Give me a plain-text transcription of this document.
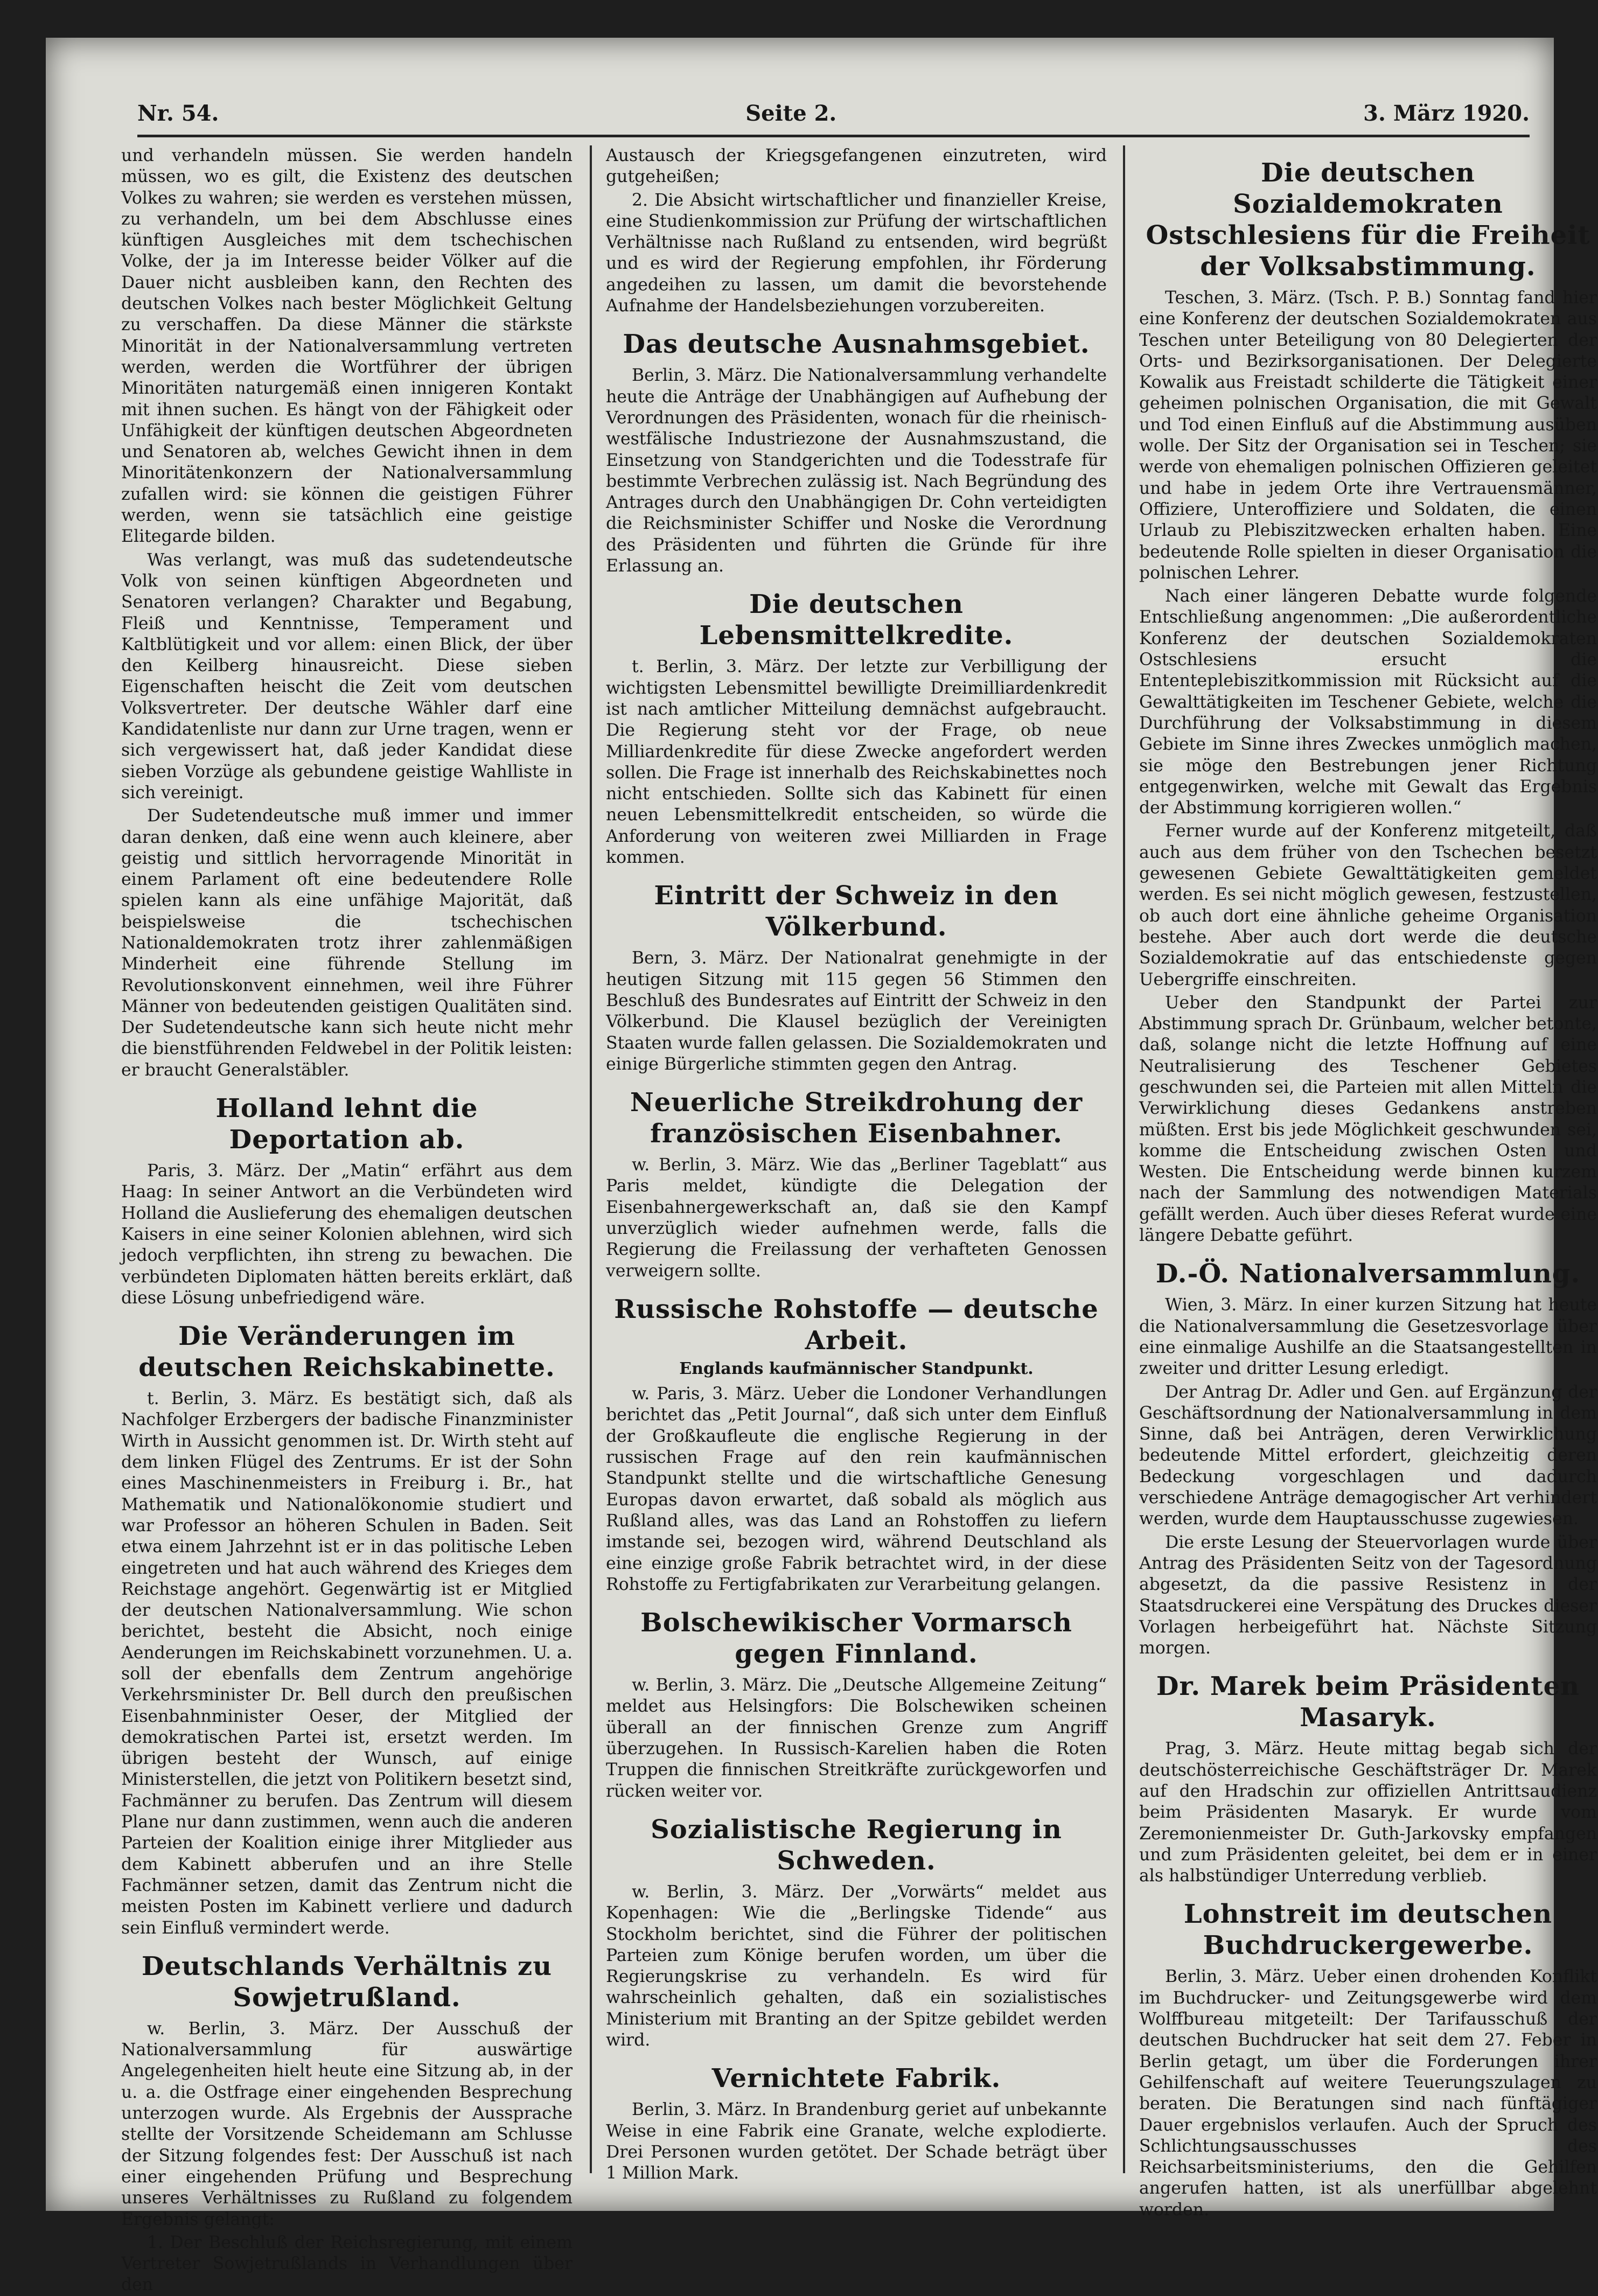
Nr. 54.	Seite 2.	3. März 1920.

und verhandeln müssen. Sie werden handeln müssen, wo es gilt, die Existenz des deutschen Volkes zu wahren; sie werden es verstehen müssen, zu verhandeln, um bei dem Abschlusse eines künftigen Ausgleiches mit dem tschechischen Volke, der ja im Interesse beider Völker auf die Dauer nicht ausbleiben kann, den Rechten des deutschen Volkes nach bester Möglichkeit Geltung zu verschaffen. Da diese Männer die stärkste Minorität in der Nationalversammlung vertreten werden, werden die Wortführer der übrigen Minoritäten naturgemäß einen innigeren Kontakt mit ihnen suchen. Es hängt von der Fähigkeit oder Unfähigkeit der künftigen deutschen Abgeordneten und Senatoren ab, welches Gewicht ihnen in dem Minoritätenkonzern der Nationalversammlung zufallen wird: sie können die geistigen Führer werden, wenn sie tatsächlich eine geistige Elitegarde bilden.

Was verlangt, was muß das sudetendeutsche Volk von seinen künftigen Abgeordneten und Senatoren verlangen? Charakter und Begabung, Fleiß und Kenntnisse, Temperament und Kaltblütigkeit und vor allem: einen Blick, der über den Keilberg hinausreicht. Diese sieben Eigenschaften heischt die Zeit vom deutschen Volksvertreter. Der deutsche Wähler darf eine Kandidatenliste nur dann zur Urne tragen, wenn er sich vergewissert hat, daß jeder Kandidat diese sieben Vorzüge als gebundene geistige Wahlliste in sich vereinigt.

Der Sudetendeutsche muß immer und immer daran denken, daß eine wenn auch kleinere, aber geistig und sittlich hervorragende Minorität in einem Parlament oft eine bedeutendere Rolle spielen kann als eine unfähige Majorität, daß beispielsweise die tschechischen Nationaldemokraten trotz ihrer zahlenmäßigen Minderheit eine führende Stellung im Revolutionskonvent einnehmen, weil ihre Führer Männer von bedeutenden geistigen Qualitäten sind. Der Sudetendeutsche kann sich heute nicht mehr die bienstführenden Feldwebel in der Politik leisten: er braucht Generalstäbler.

Holland lehnt die Deportation ab.

Paris, 3. März. Der „Matin“ erfährt aus dem Haag: In seiner Antwort an die Verbündeten wird Holland die Auslieferung des ehemaligen deutschen Kaisers in eine seiner Kolonien ablehnen, wird sich jedoch verpflichten, ihn streng zu bewachen. Die verbündeten Diplomaten hätten bereits erklärt, daß diese Lösung unbefriedigend wäre.

Die Veränderungen im deutschen Reichskabinette.

t. Berlin, 3. März. Es bestätigt sich, daß als Nachfolger Erzbergers der badische Finanzminister Wirth in Aussicht genommen ist. Dr. Wirth steht auf dem linken Flügel des Zentrums. Er ist der Sohn eines Maschinenmeisters in Freiburg i. Br., hat Mathematik und Nationalökonomie studiert und war Professor an höheren Schulen in Baden. Seit etwa einem Jahrzehnt ist er in das politische Leben eingetreten und hat auch während des Krieges dem Reichstage angehört. Gegenwärtig ist er Mitglied der deutschen Nationalversammlung. Wie schon berichtet, besteht die Absicht, noch einige Aenderungen im Reichskabinett vorzunehmen. U. a. soll der ebenfalls dem Zentrum angehörige Verkehrsminister Dr. Bell durch den preußischen Eisenbahnminister Oeser, der Mitglied der demokratischen Partei ist, ersetzt werden. Im übrigen besteht der Wunsch, auf einige Ministerstellen, die jetzt von Politikern besetzt sind, Fachmänner zu berufen. Das Zentrum will diesem Plane nur dann zustimmen, wenn auch die anderen Parteien der Koalition einige ihrer Mitglieder aus dem Kabinett abberufen und an ihre Stelle Fachmänner setzen, damit das Zentrum nicht die meisten Posten im Kabinett verliere und dadurch sein Einfluß vermindert werde.

Deutschlands Verhältnis zu Sowjetrußland.

w. Berlin, 3. März. Der Ausschuß der Nationalversammlung für auswärtige Angelegenheiten hielt heute eine Sitzung ab, in der u. a. die Ostfrage einer eingehenden Besprechung unterzogen wurde. Als Ergebnis der Aussprache stellte der Vorsitzende Scheidemann am Schlusse der Sitzung folgendes fest: Der Ausschuß ist nach einer eingehenden Prüfung und Besprechung unseres Verhältnisses zu Rußland zu folgendem Ergebnis gelangt:

1. Der Beschluß der Reichsregierung, mit einem Vertreter Sowjetrußlands in Verhandlungen über den

Austausch der Kriegsgefangenen einzutreten, wird gutgeheißen;

2. Die Absicht wirtschaftlicher und finanzieller Kreise, eine Studienkommission zur Prüfung der wirtschaftlichen Verhältnisse nach Rußland zu entsenden, wird begrüßt und es wird der Regierung empfohlen, ihr Förderung angedeihen zu lassen, um damit die bevorstehende Aufnahme der Handelsbeziehungen vorzubereiten.

Das deutsche Ausnahmsgebiet.

Berlin, 3. März. Die Nationalversammlung verhandelte heute die Anträge der Unabhängigen auf Aufhebung der Verordnungen des Präsidenten, wonach für die rheinisch-westfälische Industriezone der Ausnahmszustand, die Einsetzung von Standgerichten und die Todesstrafe für bestimmte Verbrechen zulässig ist. Nach Begründung des Antrages durch den Unabhängigen Dr. Cohn verteidigten die Reichsminister Schiffer und Noske die Verordnung des Präsidenten und führten die Gründe für ihre Erlassung an.

Die deutschen Lebensmittelkredite.

t. Berlin, 3. März. Der letzte zur Verbilligung der wichtigsten Lebensmittel bewilligte Dreimilliardenkredit ist nach amtlicher Mitteilung demnächst aufgebraucht. Die Regierung steht vor der Frage, ob neue Milliardenkredite für diese Zwecke angefordert werden sollen. Die Frage ist innerhalb des Reichskabinettes noch nicht entschieden. Sollte sich das Kabinett für einen neuen Lebensmittelkredit entscheiden, so würde die Anforderung von weiteren zwei Milliarden in Frage kommen.

Eintritt der Schweiz in den Völkerbund.

Bern, 3. März. Der Nationalrat genehmigte in der heutigen Sitzung mit 115 gegen 56 Stimmen den Beschluß des Bundesrates auf Eintritt der Schweiz in den Völkerbund. Die Klausel bezüglich der Vereinigten Staaten wurde fallen gelassen. Die Sozialdemokraten und einige Bürgerliche stimmten gegen den Antrag.

Neuerliche Streikdrohung der französischen Eisenbahner.

w. Berlin, 3. März. Wie das „Berliner Tageblatt“ aus Paris meldet, kündigte die Delegation der Eisenbahnergewerkschaft an, daß sie den Kampf unverzüglich wieder aufnehmen werde, falls die Regierung die Freilassung der verhafteten Genossen verweigern sollte.

Russische Rohstoffe — deutsche Arbeit.
Englands kaufmännischer Standpunkt.

w. Paris, 3. März. Ueber die Londoner Verhandlungen berichtet das „Petit Journal“, daß sich unter dem Einfluß der Großkaufleute die englische Regierung in der russischen Frage auf den rein kaufmännischen Standpunkt stellte und die wirtschaftliche Genesung Europas davon erwartet, daß sobald als möglich aus Rußland alles, was das Land an Rohstoffen zu liefern imstande sei, bezogen wird, während Deutschland als eine einzige große Fabrik betrachtet wird, in der diese Rohstoffe zu Fertigfabrikaten zur Verarbeitung gelangen.

Bolschewikischer Vormarsch gegen Finnland.

w. Berlin, 3. März. Die „Deutsche Allgemeine Zeitung“ meldet aus Helsingfors: Die Bolschewiken scheinen überall an der finnischen Grenze zum Angriff überzugehen. In Russisch-Karelien haben die Roten Truppen die finnischen Streitkräfte zurückgeworfen und rücken weiter vor.

Sozialistische Regierung in Schweden.

w. Berlin, 3. März. Der „Vorwärts“ meldet aus Kopenhagen: Wie die „Berlingske Tidende“ aus Stockholm berichtet, sind die Führer der politischen Parteien zum Könige berufen worden, um über die Regierungskrise zu verhandeln. Es wird für wahrscheinlich gehalten, daß ein sozialistisches Ministerium mit Branting an der Spitze gebildet werden wird.

Vernichtete Fabrik.

Berlin, 3. März. In Brandenburg geriet auf unbekannte Weise in eine Fabrik eine Granate, welche explodierte. Drei Personen wurden getötet. Der Schade beträgt über 1 Million Mark.

Die deutschen Sozialdemokraten Ostschlesiens für die Freiheit der Volksabstimmung.

Teschen, 3. März. (Tsch. P. B.) Sonntag fand hier eine Konferenz der deutschen Sozialdemokraten aus Teschen unter Beteiligung von 80 Delegierten der Orts- und Bezirksorganisationen. Der Delegierte Kowalik aus Freistadt schilderte die Tätigkeit einer geheimen polnischen Organisation, die mit Gewalt und Tod einen Einfluß auf die Abstimmung ausüben wolle. Der Sitz der Organisation sei in Teschen; sie werde von ehemaligen polnischen Offizieren geleitet und habe in jedem Orte ihre Vertrauensmänner, Offiziere, Unteroffiziere und Soldaten, die einen Urlaub zu Plebiszitzwecken erhalten haben. Eine bedeutende Rolle spielten in dieser Organisation die polnischen Lehrer.

Nach einer längeren Debatte wurde folgende Entschließung angenommen: „Die außerordentliche Konferenz der deutschen Sozialdemokraten Ostschlesiens ersucht die Ententeplebiszitkommission mit Rücksicht auf die Gewalttätigkeiten im Teschener Gebiete, welche die Durchführung der Volksabstimmung in diesem Gebiete im Sinne ihres Zweckes unmöglich machen, sie möge den Bestrebungen jener Richtung entgegenwirken, welche mit Gewalt das Ergebnis der Abstimmung korrigieren wollen.“

Ferner wurde auf der Konferenz mitgeteilt, daß auch aus dem früher von den Tschechen besetzt gewesenen Gebiete Gewalttätigkeiten gemeldet werden. Es sei nicht möglich gewesen, festzustellen, ob auch dort eine ähnliche geheime Organisation bestehe. Aber auch dort werde die deutsche Sozialdemokratie auf das entschiedenste gegen Uebergriffe einschreiten.

Ueber den Standpunkt der Partei zur Abstimmung sprach Dr. Grünbaum, welcher betonte, daß, solange nicht die letzte Hoffnung auf eine Neutralisierung des Teschener Gebietes geschwunden sei, die Parteien mit allen Mitteln die Verwirklichung dieses Gedankens anstreben müßten. Erst bis jede Möglichkeit geschwunden sei, komme die Entscheidung zwischen Osten und Westen. Die Entscheidung werde binnen kurzem nach der Sammlung des notwendigen Materials gefällt werden. Auch über dieses Referat wurde eine längere Debatte geführt.

D.-Ö. Nationalversammlung.

Wien, 3. März. In einer kurzen Sitzung hat heute die Nationalversammlung die Gesetzesvorlage über eine einmalige Aushilfe an die Staatsangestellten in zweiter und dritter Lesung erledigt.

Der Antrag Dr. Adler und Gen. auf Ergänzung der Geschäftsordnung der Nationalversammlung in dem Sinne, daß bei Anträgen, deren Verwirklichung bedeutende Mittel erfordert, gleichzeitig deren Bedeckung vorgeschlagen und dadurch verschiedene Anträge demagogischer Art verhindert werden, wurde dem Hauptausschusse zugewiesen.

Die erste Lesung der Steuervorlagen wurde über Antrag des Präsidenten Seitz von der Tagesordnung abgesetzt, da die passive Resistenz in der Staatsdruckerei eine Verspätung des Druckes dieser Vorlagen herbeigeführt hat. Nächste Sitzung morgen.

Dr. Marek beim Präsidenten Masaryk.

Prag, 3. März. Heute mittag begab sich der deutschösterreichische Geschäftsträger Dr. Marek auf den Hradschin zur offiziellen Antrittsaudienz beim Präsidenten Masaryk. Er wurde vom Zeremonienmeister Dr. Guth-Jarkovsky empfangen und zum Präsidenten geleitet, bei dem er in einer als halbstündiger Unterredung verblieb.

Lohnstreit im deutschen Buchdruckergewerbe.

Berlin, 3. März. Ueber einen drohenden Konflikt im Buchdrucker- und Zeitungsgewerbe wird dem Wolffbureau mitgeteilt: Der Tarifausschuß der deutschen Buchdrucker hat seit dem 27. Feber in Berlin getagt, um über die Forderungen ihrer Gehilfenschaft auf weitere Teuerungszulagen zu beraten. Die Beratungen sind nach fünftägiger Dauer ergebnislos verlaufen. Auch der Spruch des Schlichtungsausschusses des Reichsarbeitsministeriums, den die Gehilfen angerufen hatten, ist als unerfüllbar abgelehnt worden.
